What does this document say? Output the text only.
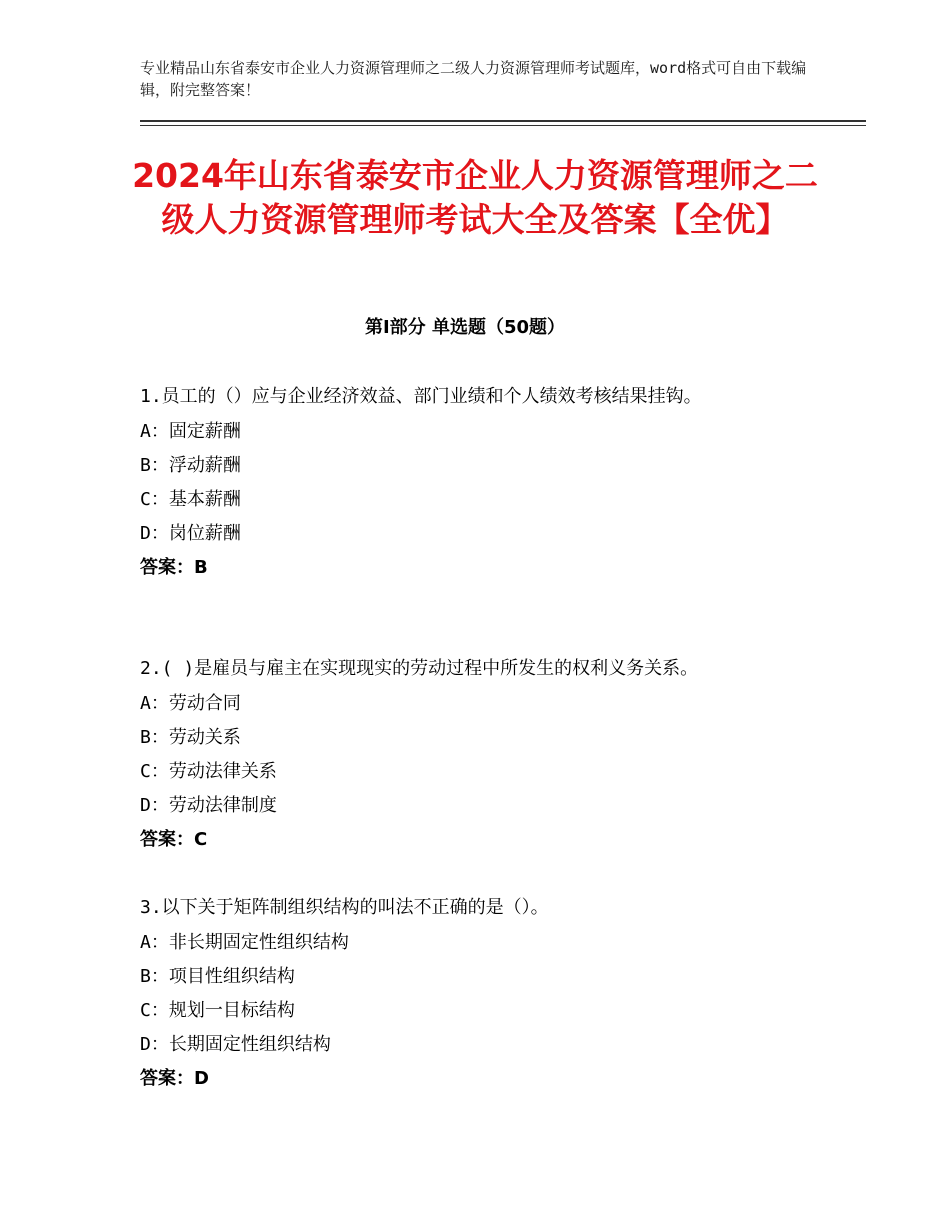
专业精品山东省泰安市企业人力资源管理师之二级人力资源管理师考试题库，word格式可自由下载编辑，附完整答案！
2024年山东省泰安市企业人力资源管理师之二级人力资源管理师考试大全及答案【全优】
第Ⅰ部分 单选题（50题）

1.员工的（）应与企业经济效益、部门业绩和个人绩效考核结果挂钩。

A：固定薪酬

B：浮动薪酬

C：基本薪酬

D：岗位薪酬

答案：B

2.( )是雇员与雇主在实现现实的劳动过程中所发生的权利义务关系。

A：劳动合同

B：劳动关系

C：劳动法律关系

D：劳动法律制度

答案：C

3.以下关于矩阵制组织结构的叫法不正确的是（）。

A：非长期固定性组织结构

B：项目性组织结构

C：规划一目标结构

D：长期固定性组织结构

答案：D
